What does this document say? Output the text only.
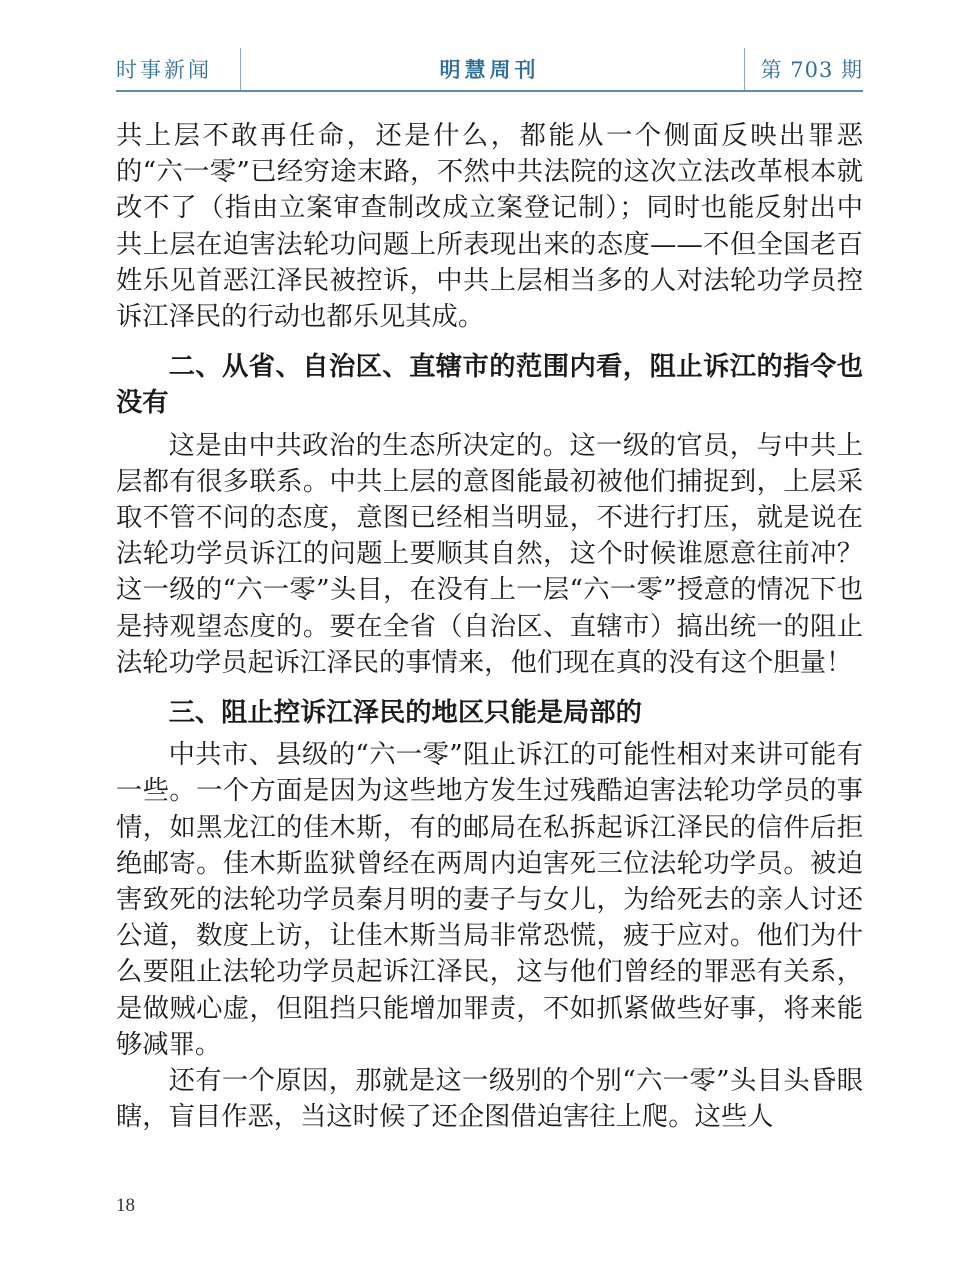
时事新闻	明慧周刊	第 703 期

共上层不敢再任命，还是什么，都能从一个侧面反映出罪恶的“六一零”已经穷途末路，不然中共法院的这次立法改革根本就改不了（指由立案审查制改成立案登记制）；同时也能反射出中共上层在迫害法轮功问题上所表现出来的态度——不但全国老百姓乐见首恶江泽民被控诉，中共上层相当多的人对法轮功学员控诉江泽民的行动也都乐见其成。

二、从省、自治区、直辖市的范围内看，阻止诉江的指令也没有

这是由中共政治的生态所决定的。这一级的官员，与中共上层都有很多联系。中共上层的意图能最初被他们捕捉到，上层采取不管不问的态度，意图已经相当明显，不进行打压，就是说在法轮功学员诉江的问题上要顺其自然，这个时候谁愿意往前冲？这一级的“六一零”头目，在没有上一层“六一零”授意的情况下也是持观望态度的。要在全省（自治区、直辖市）搞出统一的阻止法轮功学员起诉江泽民的事情来，他们现在真的没有这个胆量！

三、阻止控诉江泽民的地区只能是局部的

中共市、县级的“六一零”阻止诉江的可能性相对来讲可能有一些。一个方面是因为这些地方发生过残酷迫害法轮功学员的事情，如黑龙江的佳木斯，有的邮局在私拆起诉江泽民的信件后拒绝邮寄。佳木斯监狱曾经在两周内迫害死三位法轮功学员。被迫害致死的法轮功学员秦月明的妻子与女儿，为给死去的亲人讨还公道，数度上访，让佳木斯当局非常恐慌，疲于应对。他们为什么要阻止法轮功学员起诉江泽民，这与他们曾经的罪恶有关系，是做贼心虚，但阻挡只能增加罪责，不如抓紧做些好事，将来能够减罪。

还有一个原因，那就是这一级别的个别“六一零”头目头昏眼瞎，盲目作恶，当这时候了还企图借迫害往上爬。这些人

18
